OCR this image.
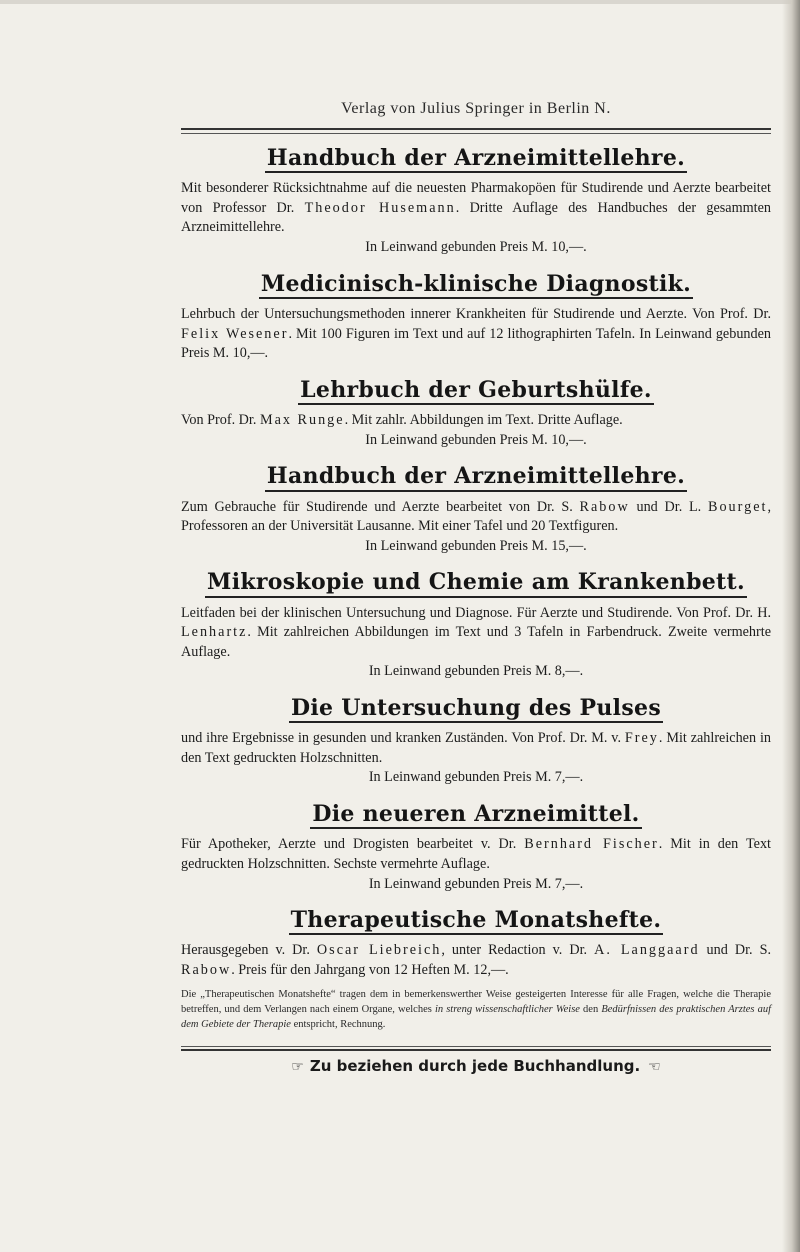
Verlag von Julius Springer in Berlin N.

Handbuch der Arzneimittellehre.
Mit besonderer Rücksichtnahme auf die neuesten Pharmakopöen für Studirende und Aerzte bearbeitet von Professor Dr. Theodor Husemann. Dritte Auflage des Handbuches der gesammten Arzneimittellehre.
In Leinwand gebunden Preis M. 10,—.
Medicinisch-klinische Diagnostik.
Lehrbuch der Untersuchungsmethoden innerer Krankheiten für Studirende und Aerzte. Von Prof. Dr. Felix Wesener. Mit 100 Figuren im Text und auf 12 lithographirten Tafeln. In Leinwand gebunden Preis M. 10,—.
Lehrbuch der Geburtshülfe.
Von Prof. Dr. Max Runge. Mit zahlr. Abbildungen im Text. Dritte Auflage.
In Leinwand gebunden Preis M. 10,—.
Handbuch der Arzneimittellehre.
Zum Gebrauche für Studirende und Aerzte bearbeitet von Dr. S. Rabow und Dr. L. Bourget, Professoren an der Universität Lausanne. Mit einer Tafel und 20 Textfiguren.
In Leinwand gebunden Preis M. 15,—.
Mikroskopie und Chemie am Krankenbett.
Leitfaden bei der klinischen Untersuchung und Diagnose. Für Aerzte und Studirende. Von Prof. Dr. H. Lenhartz. Mit zahlreichen Abbildungen im Text und 3 Tafeln in Farbendruck. Zweite vermehrte Auflage.
In Leinwand gebunden Preis M. 8,—.
Die Untersuchung des Pulses
und ihre Ergebnisse in gesunden und kranken Zuständen. Von Prof. Dr. M. v. Frey. Mit zahlreichen in den Text gedruckten Holzschnitten.
In Leinwand gebunden Preis M. 7,—.
Die neueren Arzneimittel.
Für Apotheker, Aerzte und Drogisten bearbeitet v. Dr. Bernhard Fischer. Mit in den Text gedruckten Holzschnitten. Sechste vermehrte Auflage.
In Leinwand gebunden Preis M. 7,—.
Therapeutische Monatshefte.
Herausgegeben v. Dr. Oscar Liebreich, unter Redaction v. Dr. A. Langgaard und Dr. S. Rabow. Preis für den Jahrgang von 12 Heften M. 12,—.

Die „Therapeutischen Monatshefte“ tragen dem in bemerkenswerther Weise gesteigerten Interesse für alle Fragen, welche die Therapie betreffen, und dem Verlangen nach einem Organe, welches in streng wissenschaftlicher Weise den Bedürfnissen des praktischen Arztes auf dem Gebiete der Therapie entspricht, Rechnung.

☞ Zu beziehen durch jede Buchhandlung. ☞
